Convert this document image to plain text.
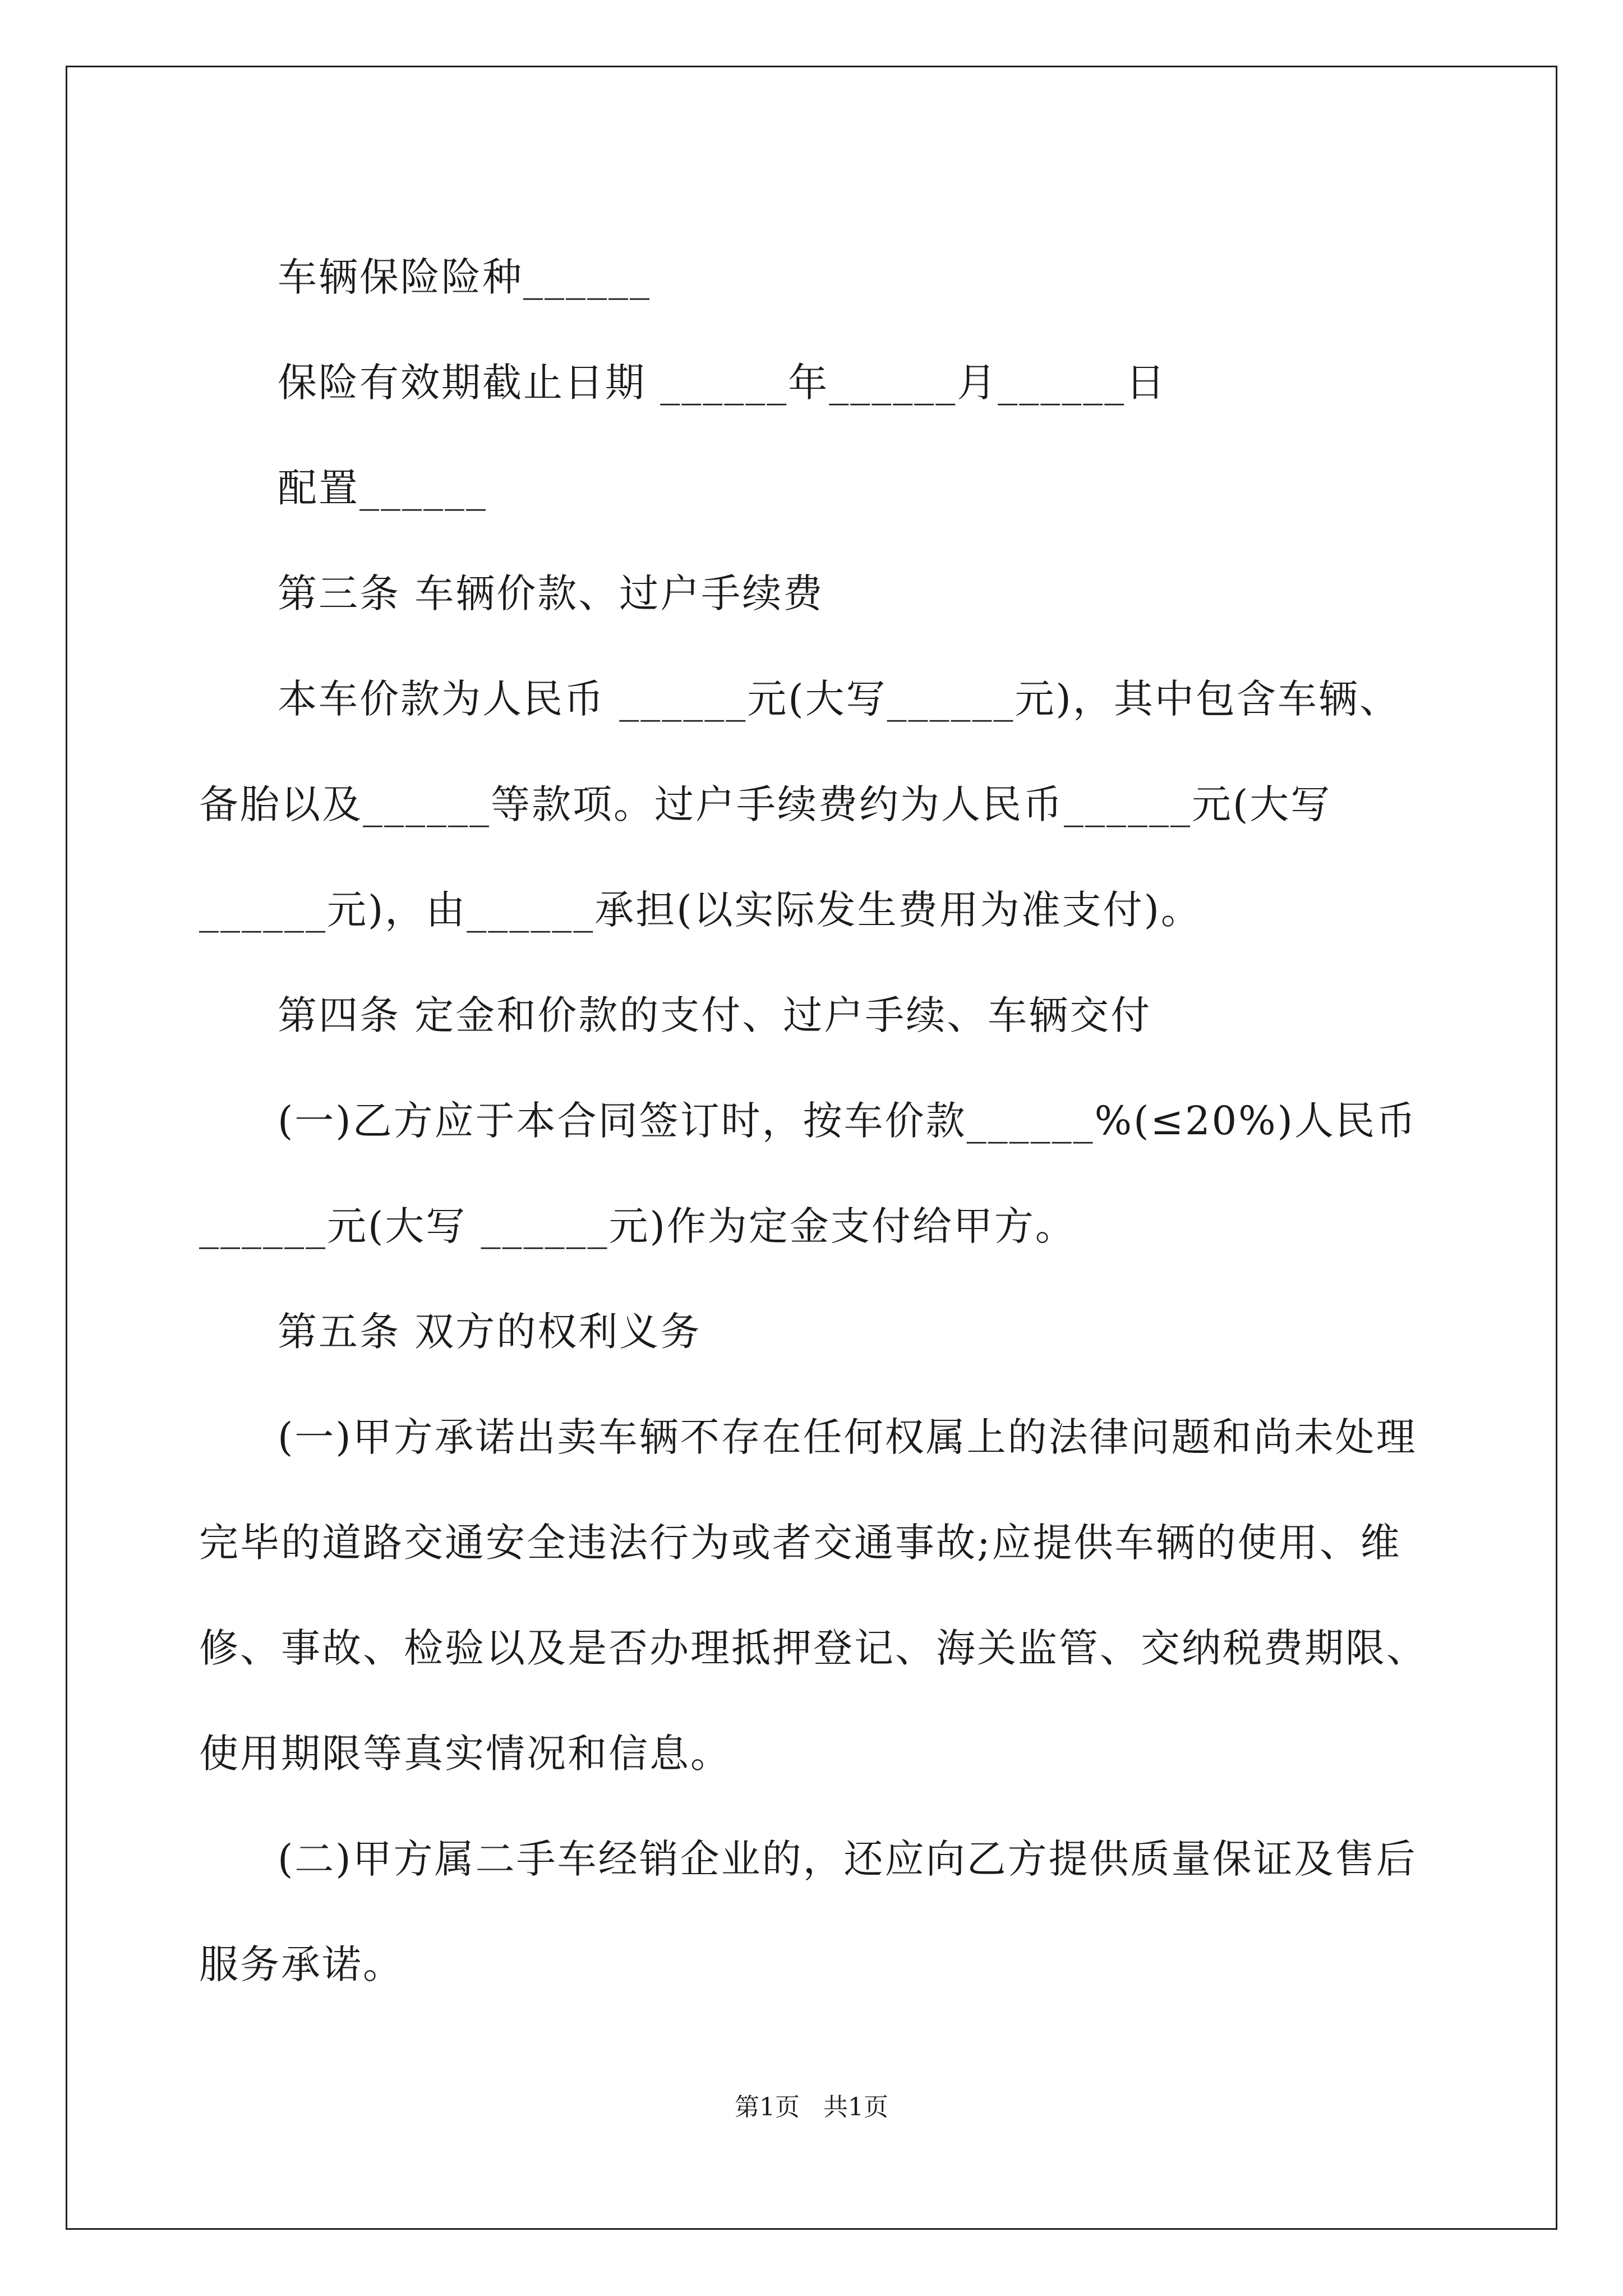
车辆保险险种______

保险有效期截止日期 ______年______月______日

配置______

第三条 车辆价款、过户手续费

本车价款为人民币 ______元(大写______元)，其中包含车辆、备胎以及______等款项。过户手续费约为人民币______元(大写______元)，由______承担(以实际发生费用为准支付)。

第四条 定金和价款的支付、过户手续、车辆交付

(一)乙方应于本合同签订时，按车价款______%(≤20%)人民币______元(大写 ______元)作为定金支付给甲方。

第五条 双方的权利义务

(一)甲方承诺出卖车辆不存在任何权属上的法律问题和尚未处理完毕的道路交通安全违法行为或者交通事故;应提供车辆的使用、维修、事故、检验以及是否办理抵押登记、海关监管、交纳税费期限、使用期限等真实情况和信息。

(二)甲方属二手车经销企业的，还应向乙方提供质量保证及售后服务承诺。

第1页   共1页
